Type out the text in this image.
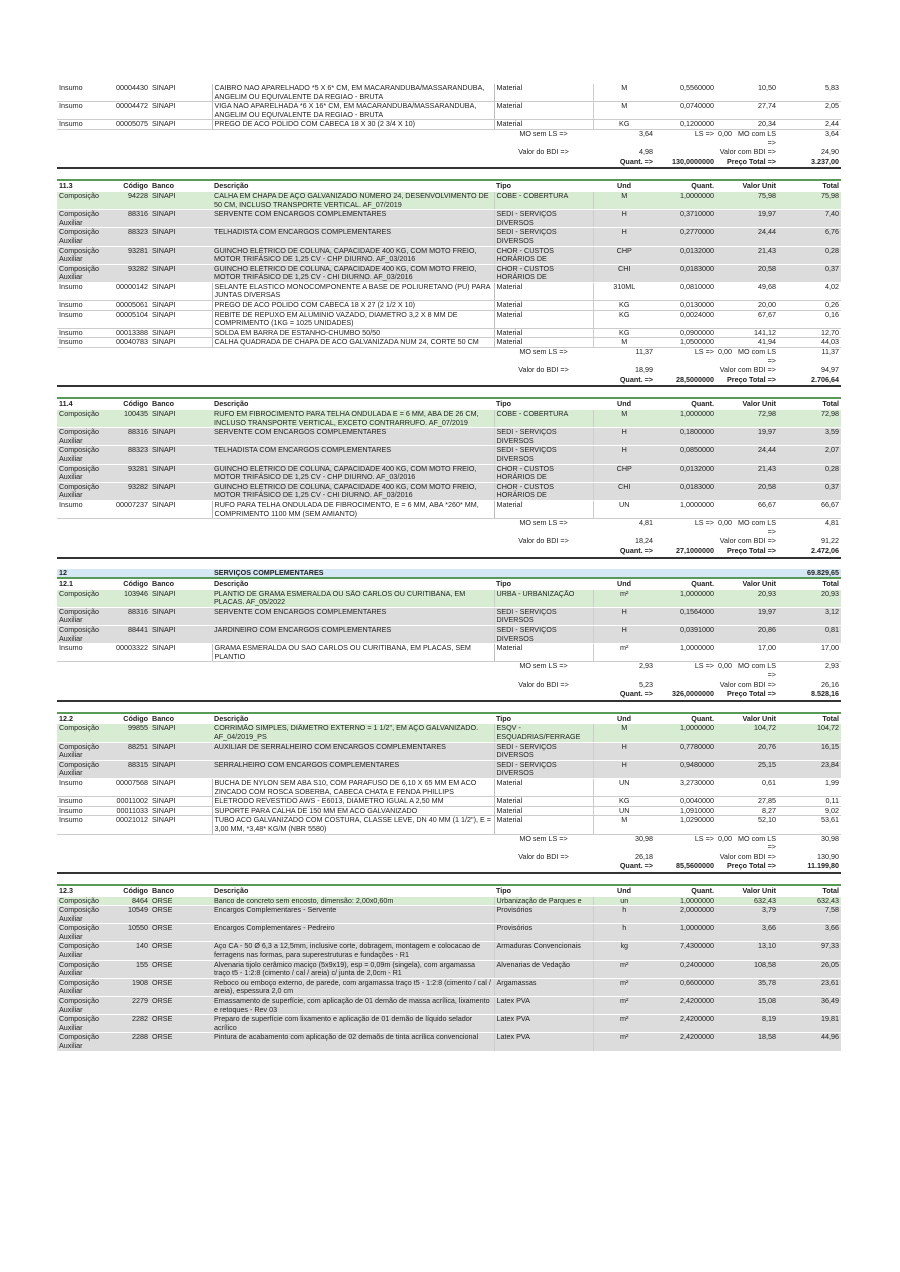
Insumo	00004430	SINAPI	CAIBRO NAO APARELHADO *5 X 6* CM, EM MACARANDUBA/MASSARANDUBA, ANGELIM OU EQUIVALENTE DA REGIAO - BRUTA	Material	M	0,5560000	10,50	5,83
Insumo	00004472	SINAPI	VIGA NAO APARELHADA *6 X 16* CM, EM MACARANDUBA/MASSARANDUBA, ANGELIM OU EQUIVALENTE DA REGIAO - BRUTA	Material	M	0,0740000	27,74	2,05
Insumo	00005075	SINAPI	PREGO DE ACO POLIDO COM CABECA 18 X 30 (2 3/4 X 10)	Material	KG	0,1200000	20,34	2,44
				MO sem LS =>	3,64	LS =>	0,00 MO com LS =>	3,64
				Valor do BDI =>	4,98		Valor com BDI =>	24,90
					Quant. =>	130,0000000	Preço Total =>	3.237,00
11.3	Código	Banco	Descrição	Tipo	Und	Quant.	Valor Unit	Total
Composição	94228	SINAPI	CALHA EM CHAPA DE AÇO GALVANIZADO NÚMERO 24, DESENVOLVIMENTO DE 50 CM, INCLUSO TRANSPORTE VERTICAL. AF_07/2019	COBE - COBERTURA	M	1,0000000	75,98	75,98
Composição Auxiliar	88316	SINAPI	SERVENTE COM ENCARGOS COMPLEMENTARES	SEDI - SERVIÇOS DIVERSOS	H	0,3710000	19,97	7,40
Composição Auxiliar	88323	SINAPI	TELHADISTA COM ENCARGOS COMPLEMENTARES	SEDI - SERVIÇOS DIVERSOS	H	0,2770000	24,44	6,76
Composição Auxiliar	93281	SINAPI	GUINCHO ELÉTRICO DE COLUNA, CAPACIDADE 400 KG, COM MOTO FREIO, MOTOR TRIFÁSICO DE 1,25 CV - CHP DIURNO. AF_03/2016	CHOR - CUSTOS HORÁRIOS DE	CHP	0,0132000	21,43	0,28
Composição Auxiliar	93282	SINAPI	GUINCHO ELÉTRICO DE COLUNA, CAPACIDADE 400 KG, COM MOTO FREIO, MOTOR TRIFÁSICO DE 1,25 CV - CHI DIURNO. AF_03/2016	CHOR - CUSTOS HORÁRIOS DE	CHI	0,0183000	20,58	0,37
Insumo	00000142	SINAPI	SELANTE ELASTICO MONOCOMPONENTE A BASE DE POLIURETANO (PU) PARA JUNTAS DIVERSAS	Material	310ML	0,0810000	49,68	4,02
Insumo	00005061	SINAPI	PREGO DE ACO POLIDO COM CABECA 18 X 27 (2 1/2 X 10)	Material	KG	0,0130000	20,00	0,26
Insumo	00005104	SINAPI	REBITE DE REPUXO EM ALUMINIO VAZADO, DIAMETRO 3,2 X 8 MM DE COMPRIMENTO (1KG = 1025 UNIDADES)	Material	KG	0,0024000	67,67	0,16
Insumo	00013388	SINAPI	SOLDA EM BARRA DE ESTANHO-CHUMBO 50/50	Material	KG	0,0900000	141,12	12,70
Insumo	00040783	SINAPI	CALHA QUADRADA DE CHAPA DE ACO GALVANIZADA NUM 24, CORTE 50 CM	Material	M	1,0500000	41,94	44,03
				MO sem LS =>	11,37	LS =>	0,00 MO com LS =>	11,37
				Valor do BDI =>	18,99		Valor com BDI =>	94,97
					Quant. =>	28,5000000	Preço Total =>	2.706,64
11.4	Código	Banco	Descrição	Tipo	Und	Quant.	Valor Unit	Total
Composição	100435	SINAPI	RUFO EM FIBROCIMENTO PARA TELHA ONDULADA E = 6 MM, ABA DE 26 CM, INCLUSO TRANSPORTE VERTICAL, EXCETO CONTRARRUFO. AF_07/2019	COBE - COBERTURA	M	1,0000000	72,98	72,98
Composição Auxiliar	88316	SINAPI	SERVENTE COM ENCARGOS COMPLEMENTARES	SEDI - SERVIÇOS DIVERSOS	H	0,1800000	19,97	3,59
Composição Auxiliar	88323	SINAPI	TELHADISTA COM ENCARGOS COMPLEMENTARES	SEDI - SERVIÇOS DIVERSOS	H	0,0850000	24,44	2,07
Composição Auxiliar	93281	SINAPI	GUINCHO ELÉTRICO DE COLUNA, CAPACIDADE 400 KG, COM MOTO FREIO, MOTOR TRIFÁSICO DE 1,25 CV - CHP DIURNO. AF_03/2016	CHOR - CUSTOS HORÁRIOS DE	CHP	0,0132000	21,43	0,28
Composição Auxiliar	93282	SINAPI	GUINCHO ELÉTRICO DE COLUNA, CAPACIDADE 400 KG, COM MOTO FREIO, MOTOR TRIFÁSICO DE 1,25 CV - CHI DIURNO. AF_03/2016	CHOR - CUSTOS HORÁRIOS DE	CHI	0,0183000	20,58	0,37
Insumo	00007237	SINAPI	RUFO PARA TELHA ONDULADA DE FIBROCIMENTO, E = 6 MM, ABA *260* MM, COMPRIMENTO 1100 MM (SEM AMIANTO)	Material	UN	1,0000000	66,67	66,67
				MO sem LS =>	4,81	LS =>	0,00 MO com LS =>	4,81
				Valor do BDI =>	18,24		Valor com BDI =>	91,22
					Quant. =>	27,1000000	Preço Total =>	2.472,06
12			SERVIÇOS COMPLEMENTARES					69.829,65
12.1	Código	Banco	Descrição	Tipo	Und	Quant.	Valor Unit	Total
Composição	103946	SINAPI	PLANTIO DE GRAMA ESMERALDA OU SÃO CARLOS OU CURITIBANA, EM PLACAS. AF_05/2022	URBA - URBANIZAÇÃO	m²	1,0000000	20,93	20,93
Composição Auxiliar	88316	SINAPI	SERVENTE COM ENCARGOS COMPLEMENTARES	SEDI - SERVIÇOS DIVERSOS	H	0,1564000	19,97	3,12
Composição Auxiliar	88441	SINAPI	JARDINEIRO COM ENCARGOS COMPLEMENTARES	SEDI - SERVIÇOS DIVERSOS	H	0,0391000	20,86	0,81
Insumo	00003322	SINAPI	GRAMA ESMERALDA OU SAO CARLOS OU CURITIBANA, EM PLACAS, SEM PLANTIO	Material	m²	1,0000000	17,00	17,00
				MO sem LS =>	2,93	LS =>	0,00 MO com LS =>	2,93
				Valor do BDI =>	5,23		Valor com BDI =>	26,16
					Quant. =>	326,0000000	Preço Total =>	8.528,16
12.2	Código	Banco	Descrição	Tipo	Und	Quant.	Valor Unit	Total
Composição	99855	SINAPI	CORRIMÃO SIMPLES, DIÂMETRO EXTERNO = 1 1/2", EM AÇO GALVANIZADO. AF_04/2019_PS	ESQV - ESQUADRIAS/FERRAGE	M	1,0000000	104,72	104,72
Composição Auxiliar	88251	SINAPI	AUXILIAR DE SERRALHEIRO COM ENCARGOS COMPLEMENTARES	SEDI - SERVIÇOS DIVERSOS	H	0,7780000	20,76	16,15
Composição Auxiliar	88315	SINAPI	SERRALHEIRO COM ENCARGOS COMPLEMENTARES	SEDI - SERVIÇOS DIVERSOS	H	0,9480000	25,15	23,84
Insumo	00007568	SINAPI	BUCHA DE NYLON SEM ABA S10, COM PARAFUSO DE 6,10 X 65 MM EM ACO ZINCADO COM ROSCA SOBERBA, CABECA CHATA E FENDA PHILLIPS	Material	UN	3,2730000	0,61	1,99
Insumo	00011002	SINAPI	ELETRODO REVESTIDO AWS - E6013, DIAMETRO IGUAL A 2,50 MM	Material	KG	0,0040000	27,85	0,11
Insumo	00011033	SINAPI	SUPORTE PARA CALHA DE 150 MM EM ACO GALVANIZADO	Material	UN	1,0910000	8,27	9,02
Insumo	00021012	SINAPI	TUBO ACO GALVANIZADO COM COSTURA, CLASSE LEVE, DN 40 MM (1 1/2"), E = 3,00 MM, *3,48* KG/M (NBR 5580)	Material	M	1,0290000	52,10	53,61
				MO sem LS =>	30,98	LS =>	0,00 MO com LS =>	30,98
				Valor do BDI =>	26,18		Valor com BDI =>	130,90
					Quant. =>	85,5600000	Preço Total =>	11.199,80
12.3	Código	Banco	Descrição	Tipo	Und	Quant.	Valor Unit	Total
Composição	8464	ORSE	Banco de concreto sem encosto, dimensão: 2,00x0,60m	Urbanização de Parques e	un	1,0000000	632,43	632,43
Composição Auxiliar	10549	ORSE	Encargos Complementares - Servente	Provisórios	h	2,0000000	3,79	7,58
Composição Auxiliar	10550	ORSE	Encargos Complementares - Pedreiro	Provisórios	h	1,0000000	3,66	3,66
Composição Auxiliar	140	ORSE	Aço CA - 50 Ø 6,3 a 12,5mm, inclusive corte, dobragem, montagem e colocacao de ferragens nas formas, para superestruturas e fundações - R1	Armaduras Convencionais	kg	7,4300000	13,10	97,33
Composição Auxiliar	155	ORSE	Alvenaria tijolo cerâmico maciço (5x9x19), esp = 0,09m (singela), com argamassa traço t5 - 1:2:8 (cimento / cal / areia) c/ junta de 2,0cm - R1	Alvenarias de Vedação	m²	0,2400000	108,58	26,05
Composição Auxiliar	1908	ORSE	Reboco ou emboço externo, de parede, com argamassa traço t5 - 1:2:8 (cimento / cal / areia), espessura 2,0 cm	Argamassas	m²	0,6600000	35,78	23,61
Composição Auxiliar	2279	ORSE	Emassamento de superfície, com aplicação de 01 demão de massa acrílica, lixamento e retoques - Rev 03	Latex PVA	m²	2,4200000	15,08	36,49
Composição Auxiliar	2282	ORSE	Preparo de superfície com lixamento e aplicação de 01 demão de líquido selador acrílico	Latex PVA	m²	2,4200000	8,19	19,81
Composição Auxiliar	2288	ORSE	Pintura de acabamento com aplicação de 02 demaõs de tinta acrílica convencional	Latex PVA	m²	2,4200000	18,58	44,96
